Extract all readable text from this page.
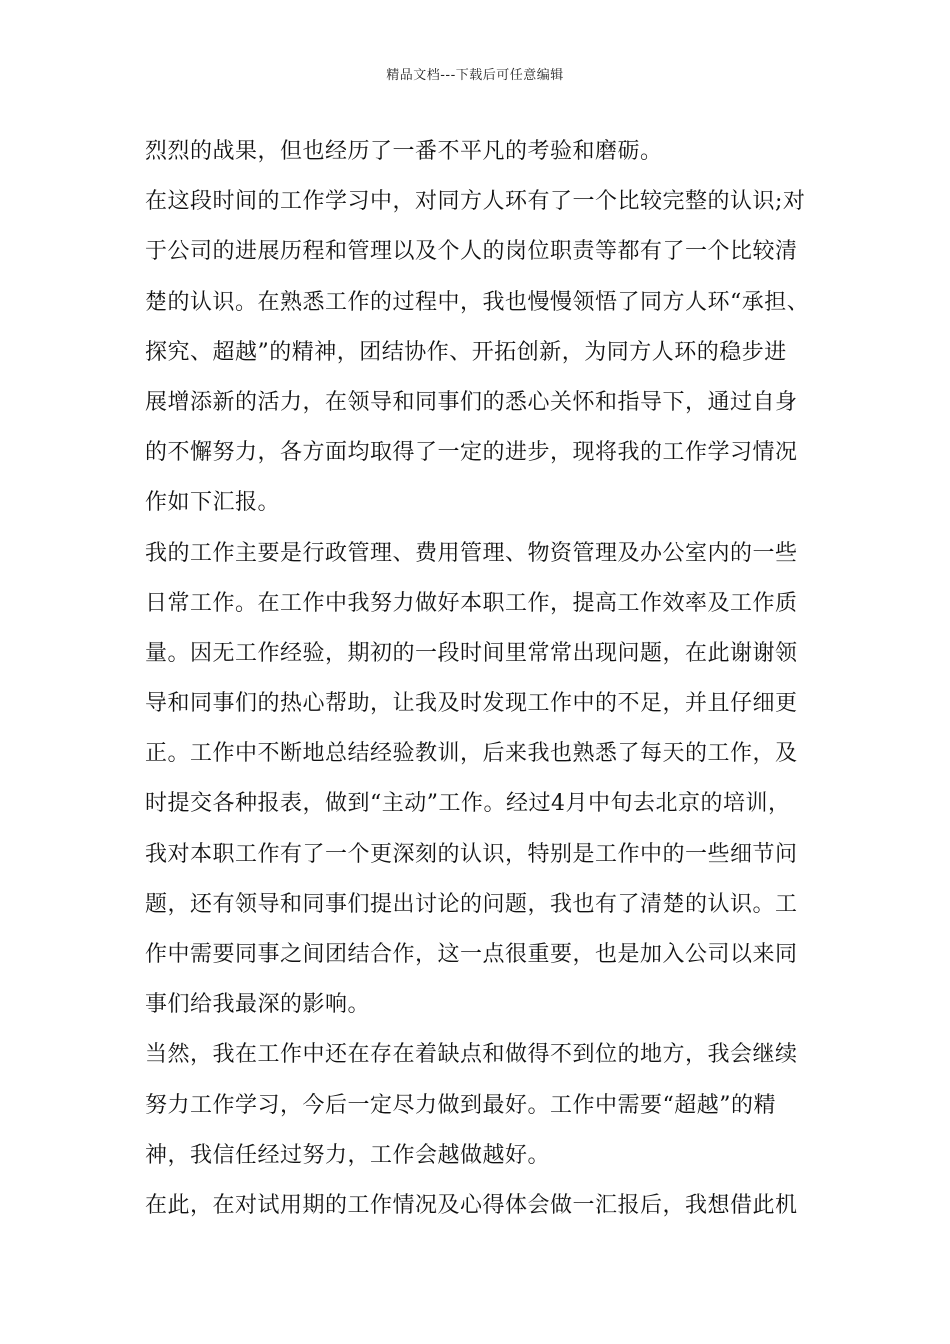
精品文档---下载后可任意编辑
烈烈的战果，但也经历了一番不平凡的考验和磨砺。
在这段时间的工作学习中，对同方人环有了一个比较完整的认识;对
于公司的进展历程和管理以及个人的岗位职责等都有了一个比较清
楚的认识。在熟悉工作的过程中，我也慢慢领悟了同方人环“承担、
探究、超越”的精神，团结协作、开拓创新，为同方人环的稳步进
展增添新的活力，在领导和同事们的悉心关怀和指导下，通过自身
的不懈努力，各方面均取得了一定的进步，现将我的工作学习情况
作如下汇报。
我的工作主要是行政管理、费用管理、物资管理及办公室内的一些
日常工作。在工作中我努力做好本职工作，提高工作效率及工作质
量。因无工作经验，期初的一段时间里常常出现问题，在此谢谢领
导和同事们的热心帮助，让我及时发现工作中的不足，并且仔细更
正。工作中不断地总结经验教训，后来我也熟悉了每天的工作，及
时提交各种报表，做到“主动”工作。经过4月中旬去北京的培训，
我对本职工作有了一个更深刻的认识，特别是工作中的一些细节问
题，还有领导和同事们提出讨论的问题，我也有了清楚的认识。工
作中需要同事之间团结合作，这一点很重要，也是加入公司以来同
事们给我最深的影响。
当然，我在工作中还在存在着缺点和做得不到位的地方，我会继续
努力工作学习，今后一定尽力做到最好。工作中需要“超越”的精
神，我信任经过努力，工作会越做越好。
在此，在对试用期的工作情况及心得体会做一汇报后，我想借此机
